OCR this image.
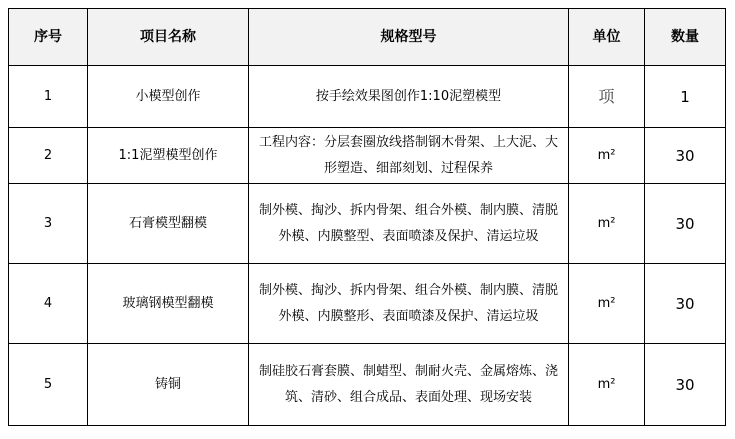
序号	项目名称	规格型号	单位	数量
1	小模型创作	按手绘效果图创作1:10泥塑模型	项	1
2	1:1泥塑模型创作	工程内容：分层套圈放线搭制钢木骨架、上大泥、大形塑造、细部刻划、过程保养	m²	30
3	石膏模型翻模	制外模、掏沙、拆内骨架、组合外模、制内膜、清脱外模、内膜整型、表面喷漆及保护、清运垃圾	m²	30
4	玻璃钢模型翻模	制外模、掏沙、拆内骨架、组合外模、制内膜、清脱外模、内膜整形、表面喷漆及保护、清运垃圾	m²	30
5	铸铜	制硅胶石膏套膜、制蜡型、制耐火壳、金属熔炼、浇筑、清砂、组合成品、表面处理、现场安装	m²	30
